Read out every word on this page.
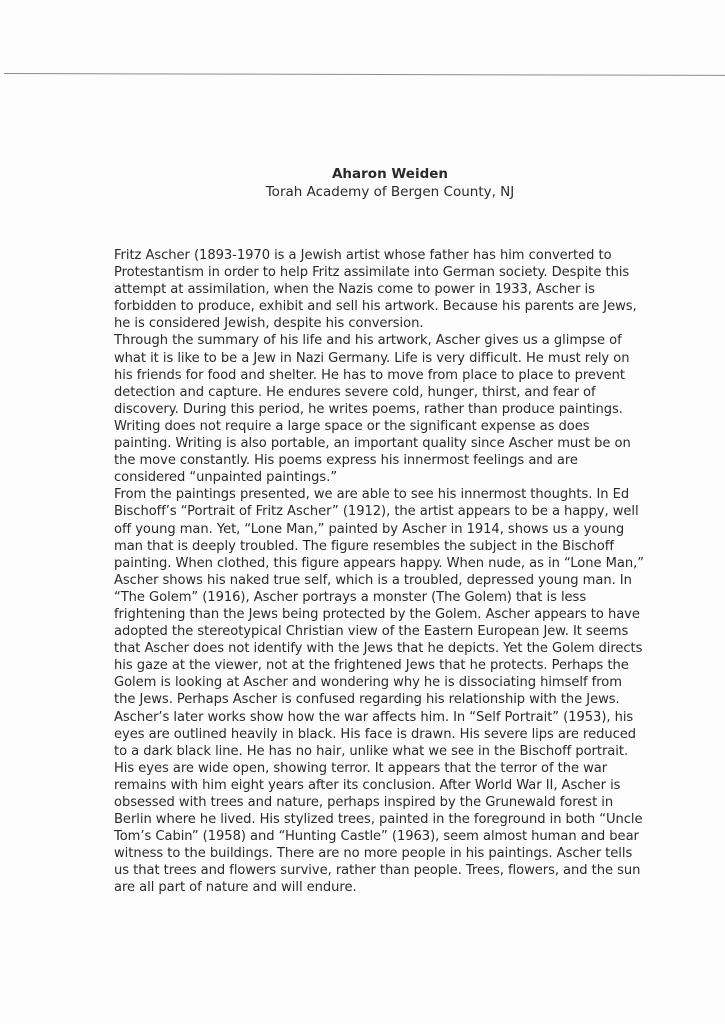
Aharon Weiden
Torah Academy of Bergen County, NJ

Fritz Ascher (1893-1970 is a Jewish artist whose father has him converted to Protestantism in order to help Fritz assimilate into German society. Despite this attempt at assimilation, when the Nazis come to power in 1933, Ascher is forbidden to produce, exhibit and sell his artwork. Because his parents are Jews, he is considered Jewish, despite his conversion.

Through the summary of his life and his artwork, Ascher gives us a glimpse of what it is like to be a Jew in Nazi Germany. Life is very difficult. He must rely on his friends for food and shelter. He has to move from place to place to prevent detection and capture. He endures severe cold, hunger, thirst, and fear of discovery. During this period, he writes poems, rather than produce paintings. Writing does not require a large space or the significant expense as does painting. Writing is also portable, an important quality since Ascher must be on the move constantly. His poems express his innermost feelings and are considered “unpainted paintings.”

From the paintings presented, we are able to see his innermost thoughts. In Ed Bischoff’s “Portrait of Fritz Ascher” (1912), the artist appears to be a happy, well off young man. Yet, “Lone Man,” painted by Ascher in 1914, shows us a young man that is deeply troubled. The figure resembles the subject in the Bischoff painting. When clothed, this figure appears happy. When nude, as in “Lone Man,” Ascher shows his naked true self, which is a troubled, depressed young man. In “The Golem” (1916), Ascher portrays a monster (The Golem) that is less frightening than the Jews being protected by the Golem. Ascher appears to have adopted the stereotypical Christian view of the Eastern European Jew. It seems that Ascher does not identify with the Jews that he depicts. Yet the Golem directs his gaze at the viewer, not at the frightened Jews that he protects. Perhaps the Golem is looking at Ascher and wondering why he is dissociating himself from the Jews. Perhaps Ascher is confused regarding his relationship with the Jews.

Ascher’s later works show how the war affects him. In “Self Portrait” (1953), his eyes are outlined heavily in black. His face is drawn. His severe lips are reduced to a dark black line. He has no hair, unlike what we see in the Bischoff portrait. His eyes are wide open, showing terror. It appears that the terror of the war remains with him eight years after its conclusion. After World War II, Ascher is obsessed with trees and nature, perhaps inspired by the Grunewald forest in Berlin where he lived. His stylized trees, painted in the foreground in both “Uncle Tom’s Cabin” (1958) and “Hunting Castle” (1963), seem almost human and bear witness to the buildings. There are no more people in his paintings. Ascher tells us that trees and flowers survive, rather than people. Trees, flowers, and the sun are all part of nature and will endure.
